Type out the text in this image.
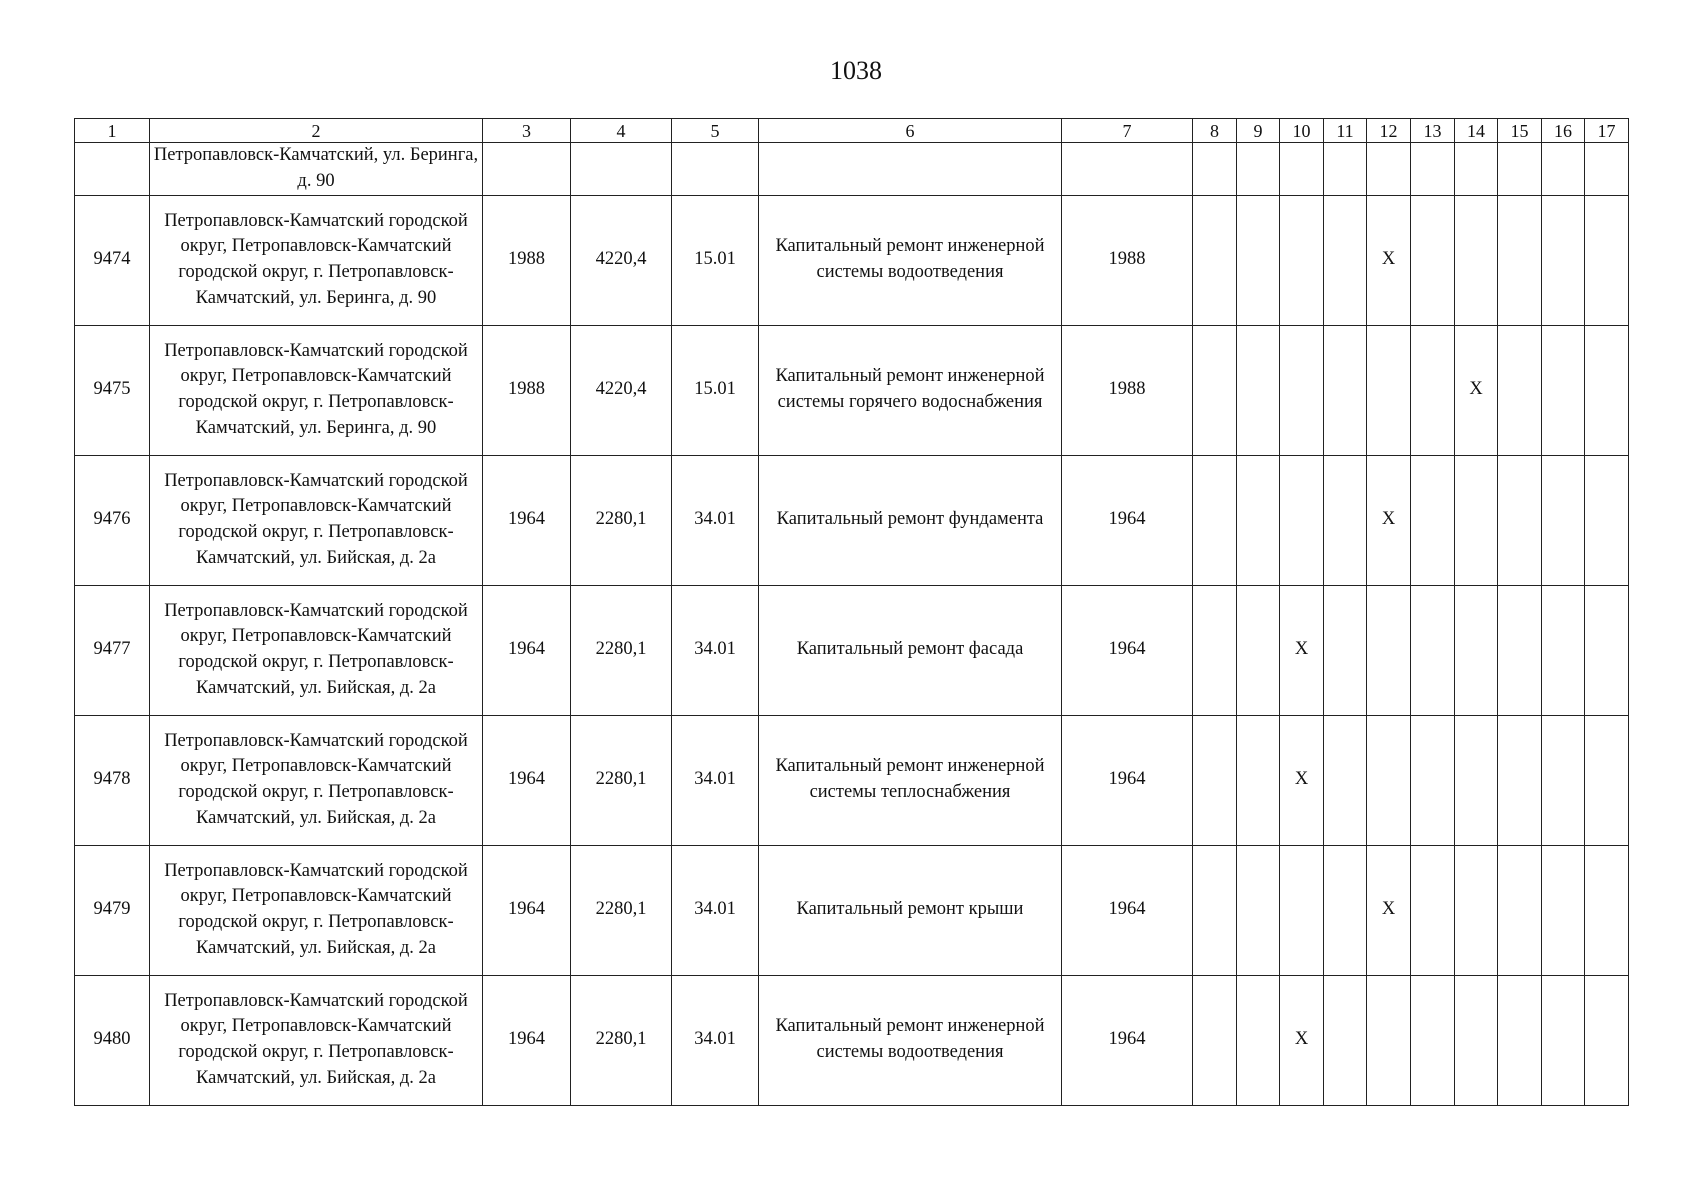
1038
1	2	3	4	5	6	7	8	9	10	11	12	13	14	15	16	17
	Петропавловск-Камчатский, ул. Беринга, д. 90															
9474	Петропавловск-Камчатский городской округ, Петропавловск-Камчатский городской округ, г. Петропавловск-Камчатский, ул. Беринга, д. 90	1988	4220,4	15.01	Капитальный ремонт инженерной системы водоотведения	1988					X					
9475	Петропавловск-Камчатский городской округ, Петропавловск-Камчатский городской округ, г. Петропавловск-Камчатский, ул. Беринга, д. 90	1988	4220,4	15.01	Капитальный ремонт инженерной системы горячего водоснабжения	1988							X			
9476	Петропавловск-Камчатский городской округ, Петропавловск-Камчатский городской округ, г. Петропавловск-Камчатский, ул. Бийская, д. 2а	1964	2280,1	34.01	Капитальный ремонт фундамента	1964					X					
9477	Петропавловск-Камчатский городской округ, Петропавловск-Камчатский городской округ, г. Петропавловск-Камчатский, ул. Бийская, д. 2а	1964	2280,1	34.01	Капитальный ремонт фасада	1964			X							
9478	Петропавловск-Камчатский городской округ, Петропавловск-Камчатский городской округ, г. Петропавловск-Камчатский, ул. Бийская, д. 2а	1964	2280,1	34.01	Капитальный ремонт инженерной системы теплоснабжения	1964			X							
9479	Петропавловск-Камчатский городской округ, Петропавловск-Камчатский городской округ, г. Петропавловск-Камчатский, ул. Бийская, д. 2а	1964	2280,1	34.01	Капитальный ремонт крыши	1964					X					
9480	Петропавловск-Камчатский городской округ, Петропавловск-Камчатский городской округ, г. Петропавловск-Камчатский, ул. Бийская, д. 2а	1964	2280,1	34.01	Капитальный ремонт инженерной системы водоотведения	1964			X							
